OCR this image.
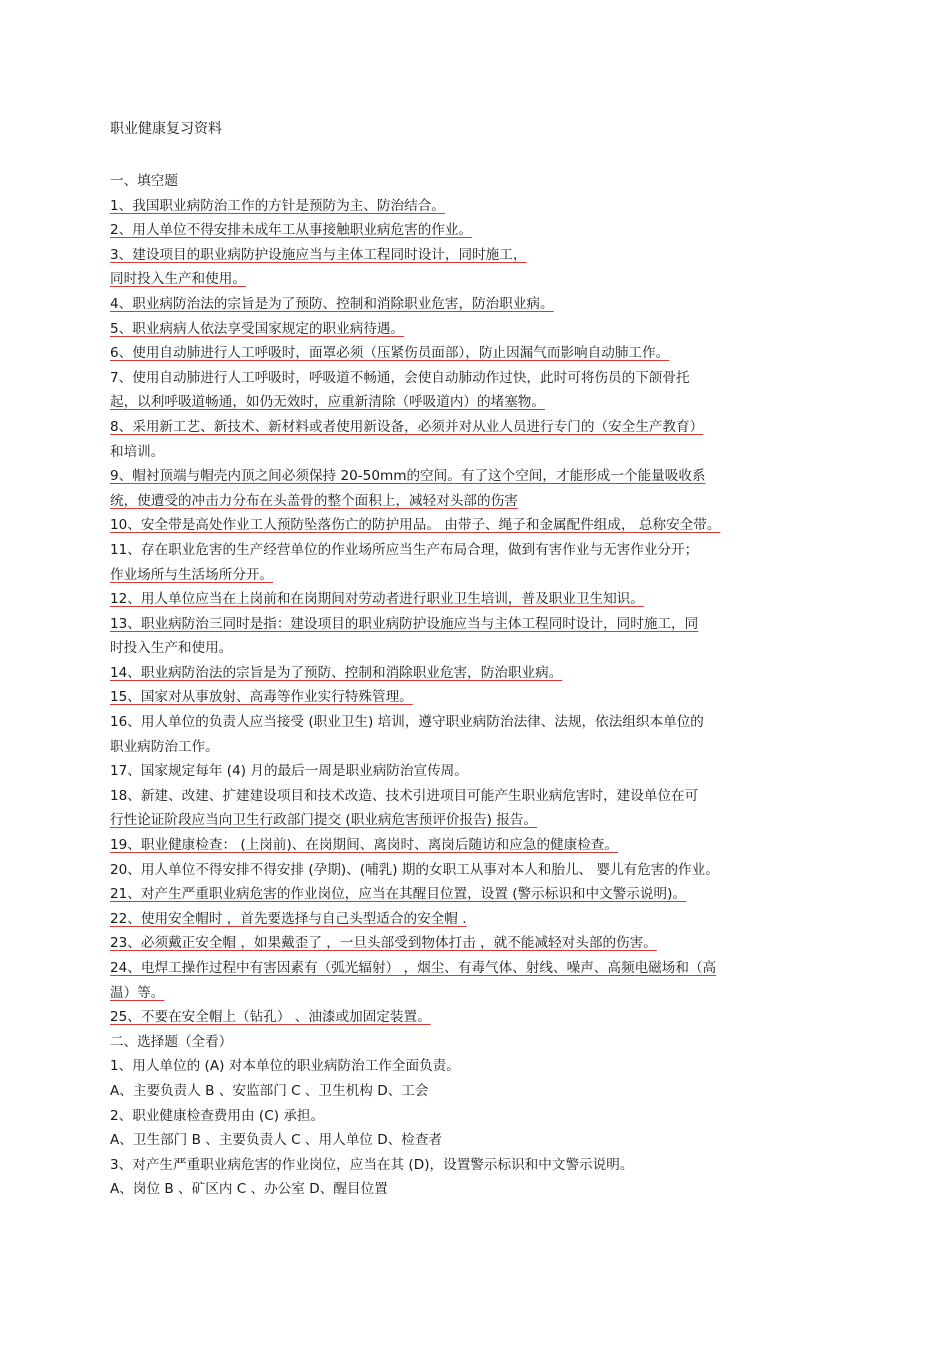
职业健康复习资料
一、填空题
1、我国职业病防治工作的方针是预防为主、防治结合。
2、用人单位不得安排未成年工从事接触职业病危害的作业。
3、建设项目的职业病防护设施应当与主体工程同时设计，同时施工，
同时投入生产和使用。
4、职业病防治法的宗旨是为了预防、控制和消除职业危害，防治职业病。
5、职业病病人依法享受国家规定的职业病待遇。
6、使用自动肺进行人工呼吸时，面罩必须（压紧伤员面部），防止因漏气而影响自动肺工作。
7、使用自动肺进行人工呼吸时，呼吸道不畅通，会使自动肺动作过快，此时可将伤员的下颌骨托
起，以利呼吸道畅通，如仍无效时，应重新清除（呼吸道内）的堵塞物。
8、采用新工艺、新技术、新材料或者使用新设备，必须并对从业人员进行专门的（安全生产教育）
和培训。
9、帽衬顶端与帽壳内顶之间必须保持 20-50mm的空间。有了这个空间，才能形成一个能量吸收系
统，使遭受的冲击力分布在头盖骨的整个面积上，减轻对头部的伤害
10、安全带是高处作业工人预防坠落伤亡的防护用品。 由带子、绳子和金属配件组成， 总称安全带。
11、存在职业危害的生产经营单位的作业场所应当生产布局合理，做到有害作业与无害作业分开；
作业场所与生活场所分开。
12、用人单位应当在上岗前和在岗期间对劳动者进行职业卫生培训，普及职业卫生知识。
13、职业病防治三同时是指：建设项目的职业病防护设施应当与主体工程同时设计，同时施工，同
时投入生产和使用。
14、职业病防治法的宗旨是为了预防、控制和消除职业危害，防治职业病。
15、国家对从事放射、高毒等作业实行特殊管理。
16、用人单位的负责人应当接受 (职业卫生) 培训，遵守职业病防治法律、法规，依法组织本单位的
职业病防治工作。
17、国家规定每年 (4) 月的最后一周是职业病防治宣传周。
18、新建、改建、扩建建设项目和技术改造、技术引进项目可能产生职业病危害时，建设单位在可
行性论证阶段应当向卫生行政部门提交 (职业病危害预评价报告) 报告。
19、职业健康检查： (上岗前)、在岗期间、离岗时、离岗后随访和应急的健康检查。
20、用人单位不得安排不得安排 (孕期)、(哺乳) 期的女职工从事对本人和胎儿、 婴儿有危害的作业。
21、对产生严重职业病危害的作业岗位，应当在其醒目位置，设置 (警示标识和中文警示说明)。
22、使用安全帽时 ，首先要选择与自己头型适合的安全帽 .
23、必须戴正安全帽 ，如果戴歪了 ，一旦头部受到物体打击 ，就不能减轻对头部的伤害。
24、电焊工操作过程中有害因素有（弧光辐射） ，烟尘、有毒气体、射线、噪声、高频电磁场和（高
温）等。
25、不要在安全帽上（钻孔） 、油漆或加固定装置。
二、选择题（全看）
1、用人单位的 (A) 对本单位的职业病防治工作全面负责。
A、主要负责人 B 、安监部门 C 、卫生机构 D、工会
2、职业健康检查费用由 (C) 承担。
A、卫生部门 B 、主要负责人 C 、用人单位 D、检查者
3、对产生严重职业病危害的作业岗位，应当在其 (D)，设置警示标识和中文警示说明。
A、岗位 B 、矿区内 C 、办公室 D、醒目位置
